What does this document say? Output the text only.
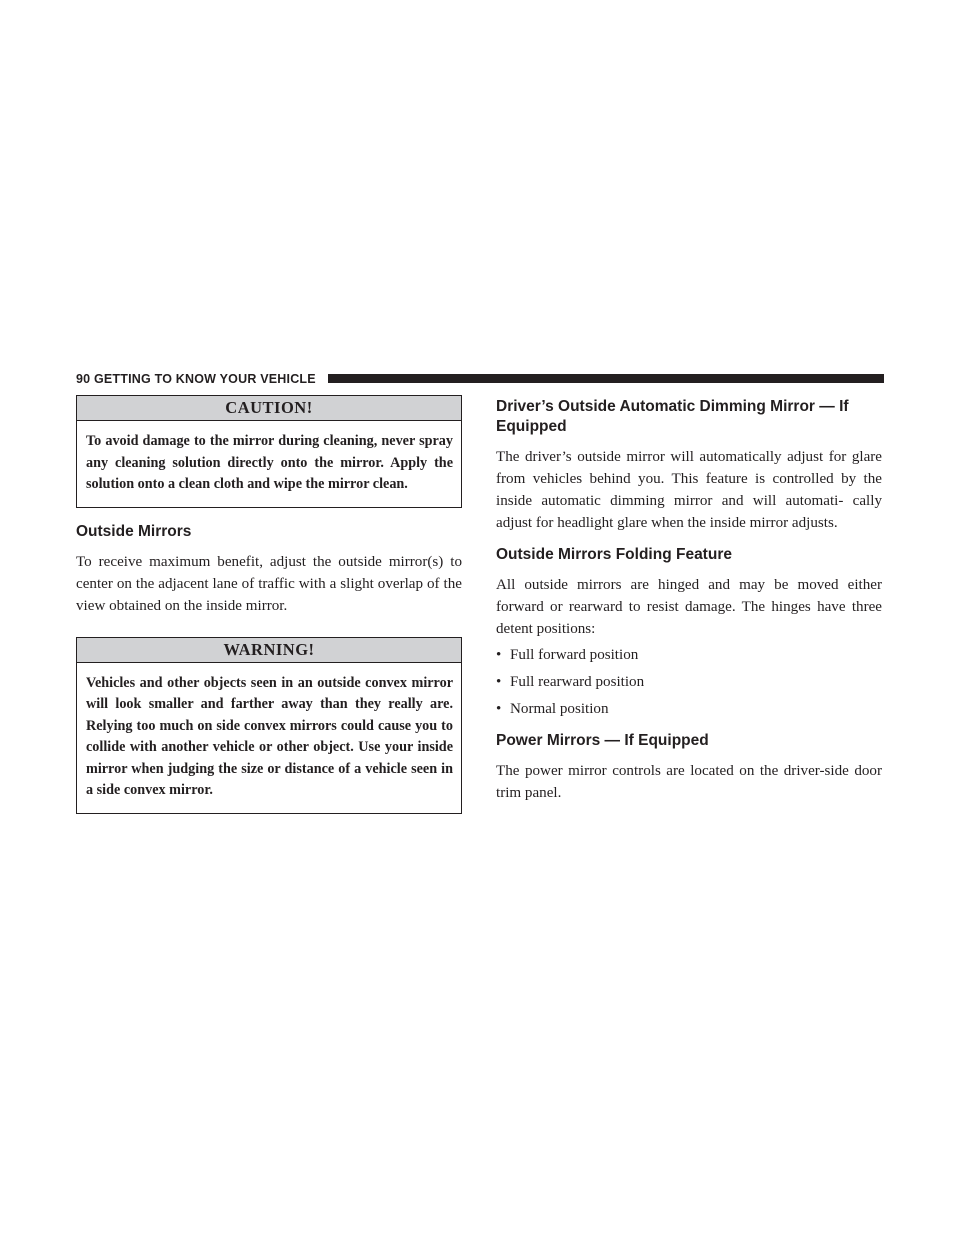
90 GETTING TO KNOW YOUR VEHICLE
CAUTION!
To avoid damage to the mirror during cleaning, never spray any cleaning solution directly onto the mirror. Apply the solution onto a clean cloth and wipe the mirror clean.
Outside Mirrors
To receive maximum benefit, adjust the outside mirror(s) to center on the adjacent lane of traffic with a slight overlap of the view obtained on the inside mirror.
WARNING!
Vehicles and other objects seen in an outside convex mirror will look smaller and farther away than they really are. Relying too much on side convex mirrors could cause you to collide with another vehicle or other object. Use your inside mirror when judging the size or distance of a vehicle seen in a side convex mirror.
Driver’s Outside Automatic Dimming Mirror — If Equipped
The driver’s outside mirror will automatically adjust for glare from vehicles behind you. This feature is controlled by the inside automatic dimming mirror and will automati- cally adjust for headlight glare when the inside mirror adjusts.
Outside Mirrors Folding Feature
All outside mirrors are hinged and may be moved either forward or rearward to resist damage. The hinges have three detent positions:
• Full forward position
• Full rearward position
• Normal position
Power Mirrors — If Equipped
The power mirror controls are located on the driver-side door trim panel.
